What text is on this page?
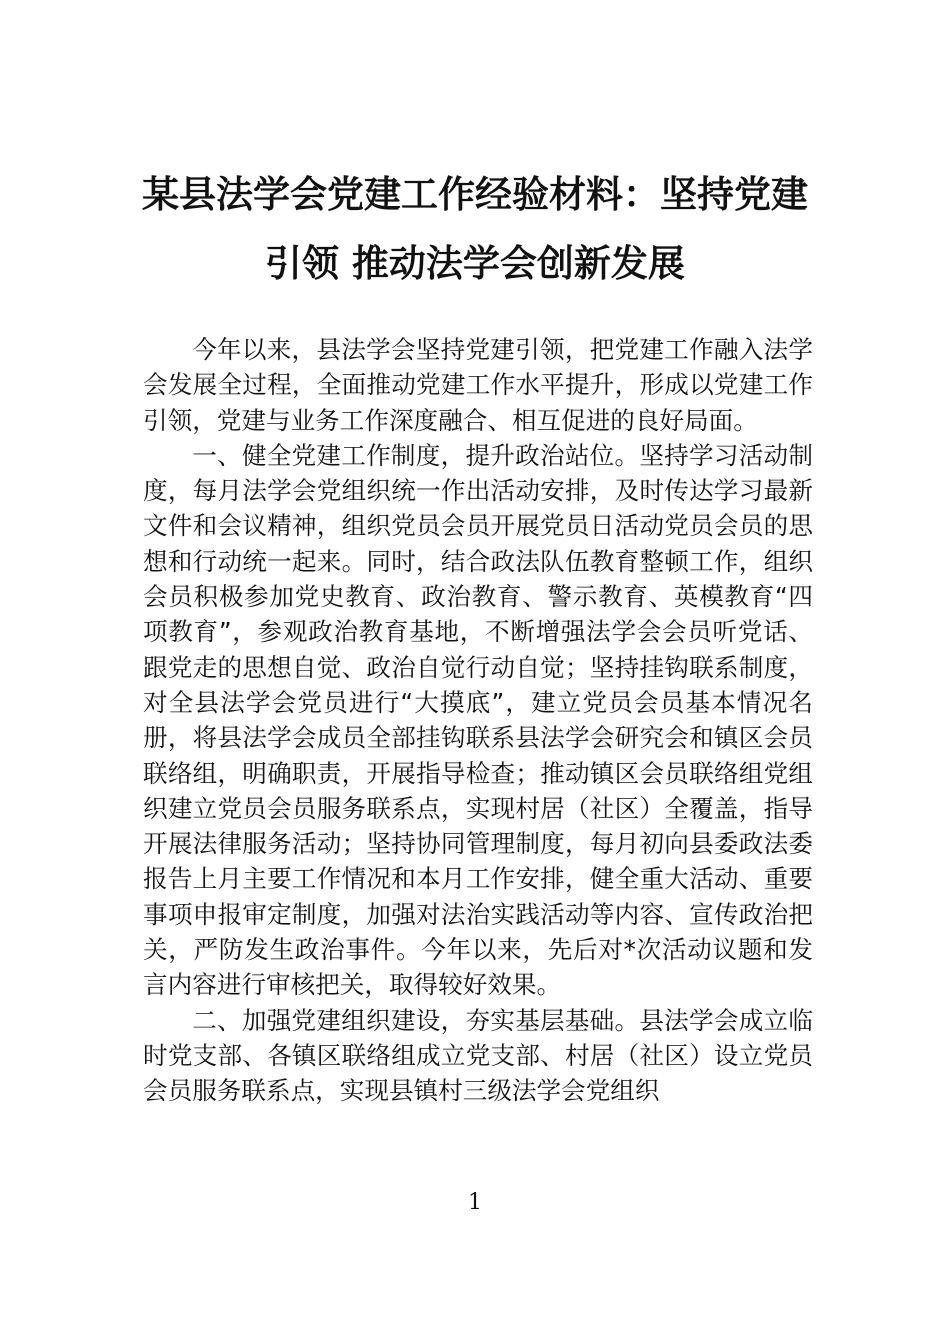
某县法学会党建工作经验材料：坚持党建
引领 推动法学会创新发展

今年以来，县法学会坚持党建引领，把党建工作融入法学会发展全过程，全面推动党建工作水平提升，形成以党建工作引领，党建与业务工作深度融合、相互促进的良好局面。

一、健全党建工作制度，提升政治站位。坚持学习活动制度，每月法学会党组织统一作出活动安排，及时传达学习最新文件和会议精神，组织党员会员开展党员日活动党员会员的思想和行动统一起来。同时，结合政法队伍教育整顿工作，组织会员积极参加党史教育、政治教育、警示教育、英模教育“四项教育”，参观政治教育基地，不断增强法学会会员听党话、跟党走的思想自觉、政治自觉行动自觉；坚持挂钩联系制度，对全县法学会党员进行“大摸底”，建立党员会员基本情况名册，将县法学会成员全部挂钩联系县法学会研究会和镇区会员联络组，明确职责，开展指导检查；推动镇区会员联络组党组织建立党员会员服务联系点，实现村居（社区）全覆盖，指导开展法律服务活动；坚持协同管理制度，每月初向县委政法委报告上月主要工作情况和本月工作安排，健全重大活动、重要事项申报审定制度，加强对法治实践活动等内容、宣传政治把关，严防发生政治事件。今年以来，先后对*次活动议题和发言内容进行审核把关，取得较好效果。

二、加强党建组织建设，夯实基层基础。县法学会成立临时党支部、各镇区联络组成立党支部、村居（社区）设立党员会员服务联系点，实现县镇村三级法学会党组织

1
